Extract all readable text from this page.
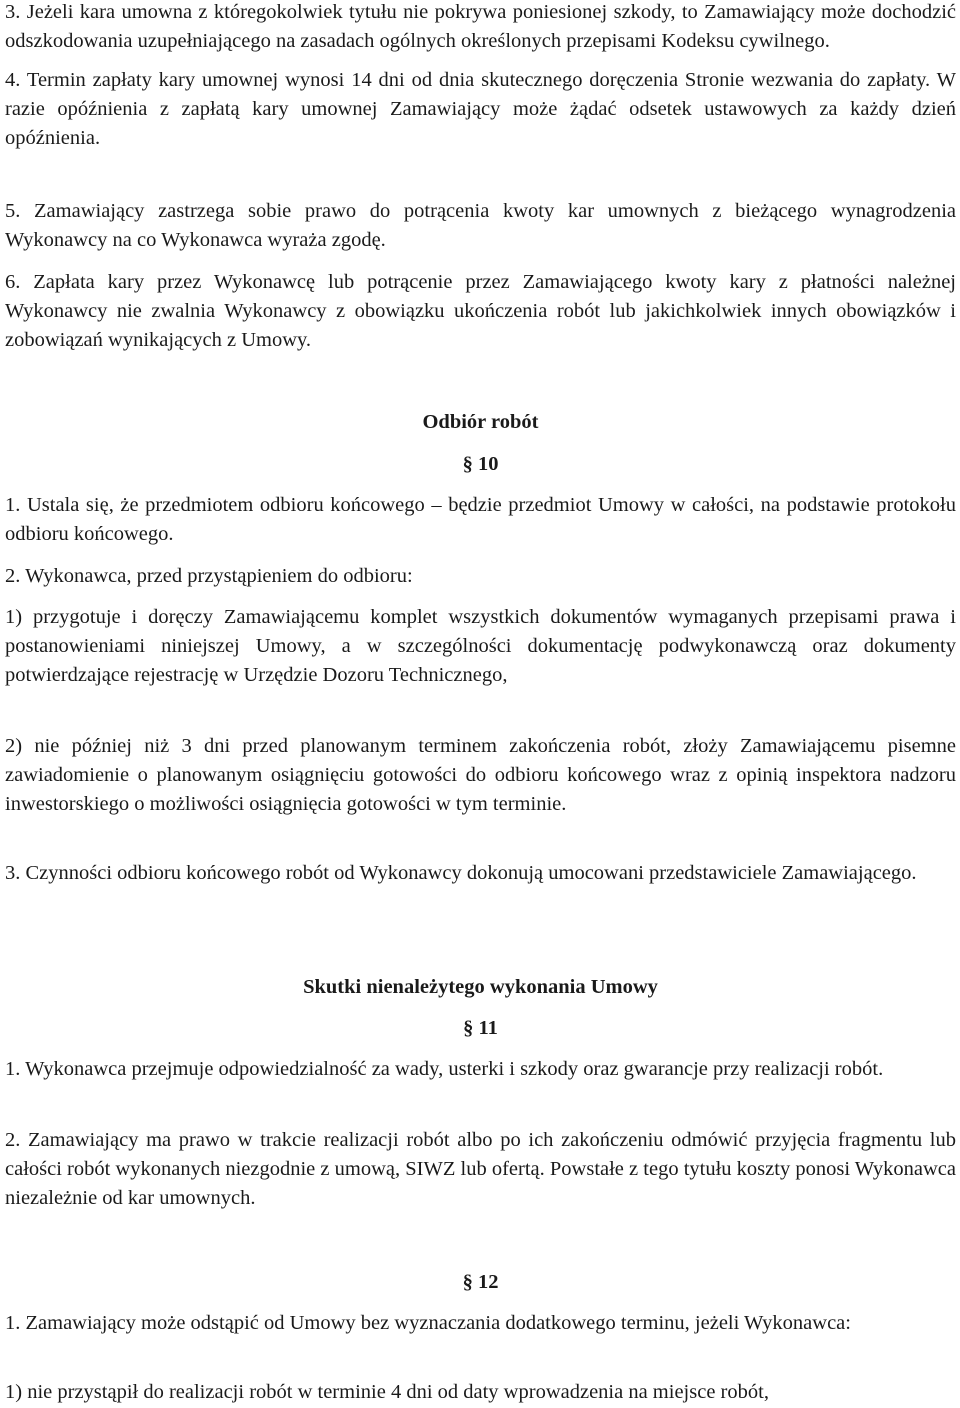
3. Jeżeli kara umowna z któregokolwiek tytułu nie pokrywa poniesionej szkody, to Zamawiający może dochodzić odszkodowania uzupełniającego na zasadach ogólnych określonych przepisami Kodeksu cywilnego.

4. Termin zapłaty kary umownej wynosi 14 dni od dnia skutecznego doręczenia Stronie wezwania do zapłaty. W razie opóźnienia z zapłatą kary umownej Zamawiający może żądać odsetek ustawowych za każdy dzień opóźnienia.

5. Zamawiający zastrzega sobie prawo do potrącenia kwoty kar umownych z bieżącego wynagrodzenia Wykonawcy na co Wykonawca wyraża zgodę.

6. Zapłata kary przez Wykonawcę lub potrącenie przez Zamawiającego kwoty kary z płatności należnej Wykonawcy nie zwalnia Wykonawcy z obowiązku ukończenia robót lub jakichkolwiek innych obowiązków i zobowiązań wynikających z Umowy.

Odbiór robót
§ 10

1. Ustala się, że przedmiotem odbioru końcowego – będzie przedmiot Umowy w całości, na podstawie protokołu odbioru końcowego.

2. Wykonawca, przed przystąpieniem do odbioru:

1) przygotuje i doręczy Zamawiającemu komplet wszystkich dokumentów wymaganych przepisami prawa i postanowieniami niniejszej Umowy, a w szczególności dokumentację podwykonawczą oraz dokumenty potwierdzające rejestrację w Urzędzie Dozoru Technicznego,

2) nie później niż 3 dni przed planowanym terminem zakończenia robót, złoży Zamawiającemu pisemne zawiadomienie o planowanym osiągnięciu gotowości do odbioru końcowego wraz z opinią inspektora nadzoru inwestorskiego o możliwości osiągnięcia gotowości w tym terminie.

3. Czynności odbioru końcowego robót od Wykonawcy dokonują umocowani przedstawiciele Zamawiającego.

Skutki nienależytego wykonania Umowy
§ 11

1. Wykonawca przejmuje odpowiedzialność za wady, usterki i szkody oraz gwarancje przy realizacji robót.

2. Zamawiający ma prawo w trakcie realizacji robót albo po ich zakończeniu odmówić przyjęcia fragmentu lub całości robót wykonanych niezgodnie z umową, SIWZ lub ofertą. Powstałe z tego tytułu koszty ponosi Wykonawca niezależnie od kar umownych.

§ 12

1. Zamawiający może odstąpić od Umowy bez wyznaczania dodatkowego terminu, jeżeli Wykonawca:

1) nie przystąpił do realizacji robót w terminie 4 dni od daty wprowadzenia na miejsce robót,
